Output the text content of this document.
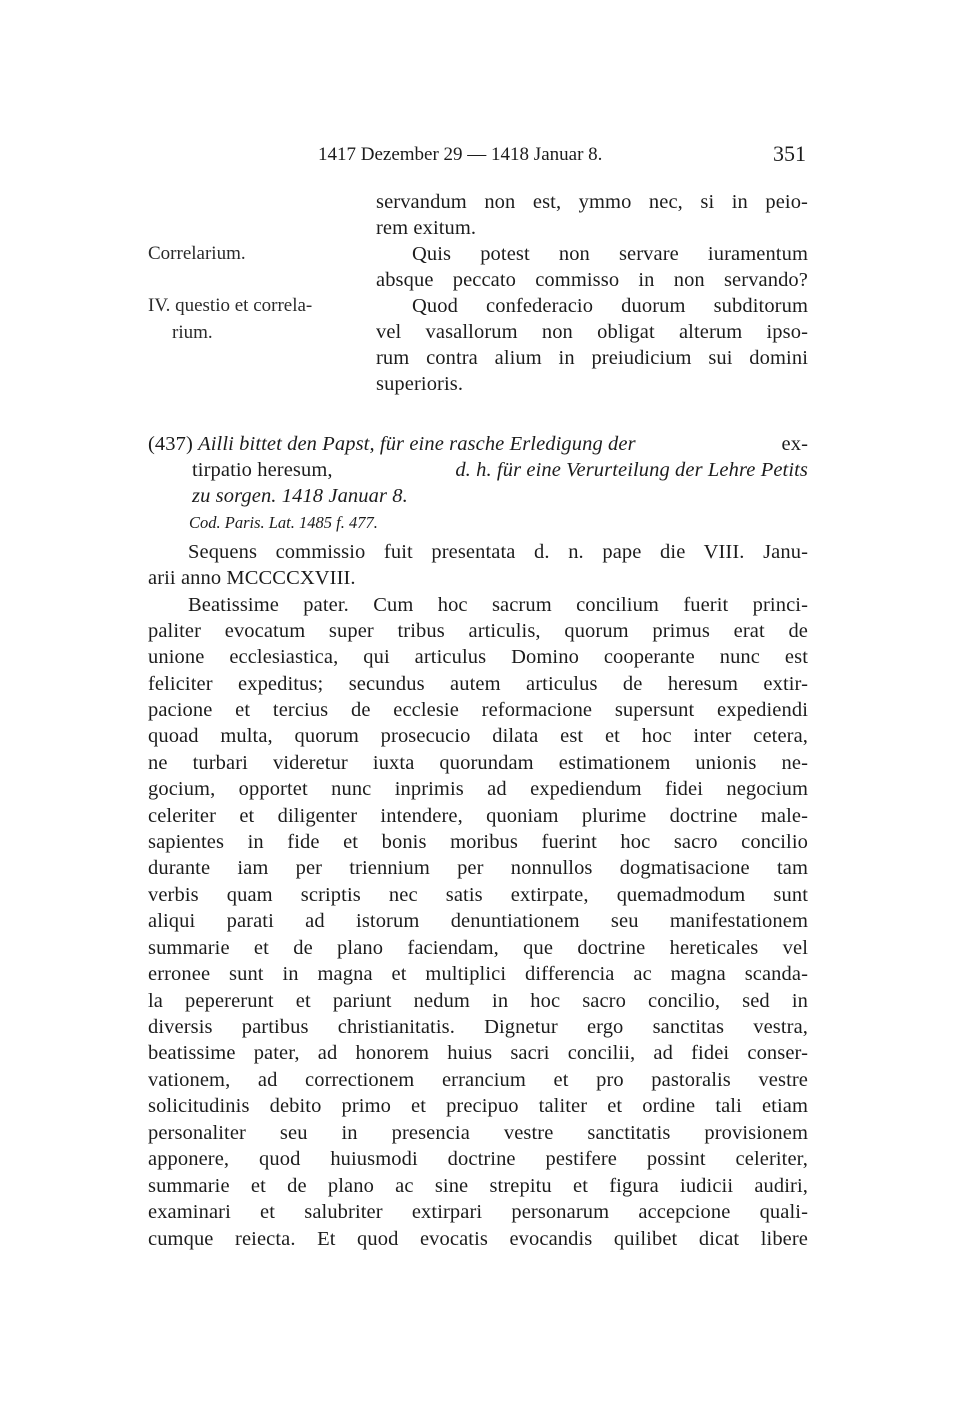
1417 Dezember 29 — 1418 Januar 8.	351
Correlarium.
IV. questio et correla-
rium.
servandum non est, ymmo nec, si in peio-
rem exitum.
Quis potest non servare iuramentum
absque peccato commisso in non servando?
Quod confederacio duorum subditorum
vel vasallorum non obligat alterum ipso-
rum contra alium in preiudicium sui domini
superioris.
(437) Ailli bittet den Papst, für eine rasche Erledigung der	ex-
tirpatio heresum,	d. h. für eine Verurteilung der Lehre Petits
zu sorgen. 1418 Januar 8.
Cod. Paris. Lat. 1485 f. 477.
Sequens commissio fuit presentata d. n. pape die VIII. Janu-
arii anno MCCCCXVIII.
Beatissime pater. Cum hoc sacrum concilium fuerit princi-
paliter evocatum super tribus articulis, quorum primus erat de
unione ecclesiastica, qui articulus Domino cooperante nunc est
feliciter expeditus; secundus autem articulus de heresum extir-
pacione et tercius de ecclesie reformacione supersunt expediendi
quoad multa, quorum prosecucio dilata est et hoc inter cetera,
ne turbari videretur iuxta quorundam estimationem unionis ne-
gocium, opportet nunc inprimis ad expediendum fidei negocium
celeriter et diligenter intendere, quoniam plurime doctrine male-
sapientes in fide et bonis moribus fuerint hoc sacro concilio
durante iam per triennium per nonnullos dogmatisacione tam
verbis quam scriptis nec satis extirpate, quemadmodum sunt
aliqui parati ad istorum denuntiationem seu manifestationem
summarie et de plano faciendam, que doctrine hereticales vel
erronee sunt in magna et multiplici differencia ac magna scanda-
la pepererunt et pariunt nedum in hoc sacro concilio, sed in
diversis partibus christianitatis. Dignetur ergo sanctitas vestra,
beatissime pater, ad honorem huius sacri concilii, ad fidei conser-
vationem, ad correctionem errancium et pro pastoralis vestre
solicitudinis debito primo et precipuo taliter et ordine tali etiam
personaliter seu in presencia vestre sanctitatis provisionem
apponere, quod huiusmodi doctrine pestifere possint celeriter,
summarie et de plano ac sine strepitu et figura iudicii audiri,
examinari et salubriter extirpari personarum accepcione quali-
cumque reiecta. Et quod evocatis evocandis quilibet dicat libere
